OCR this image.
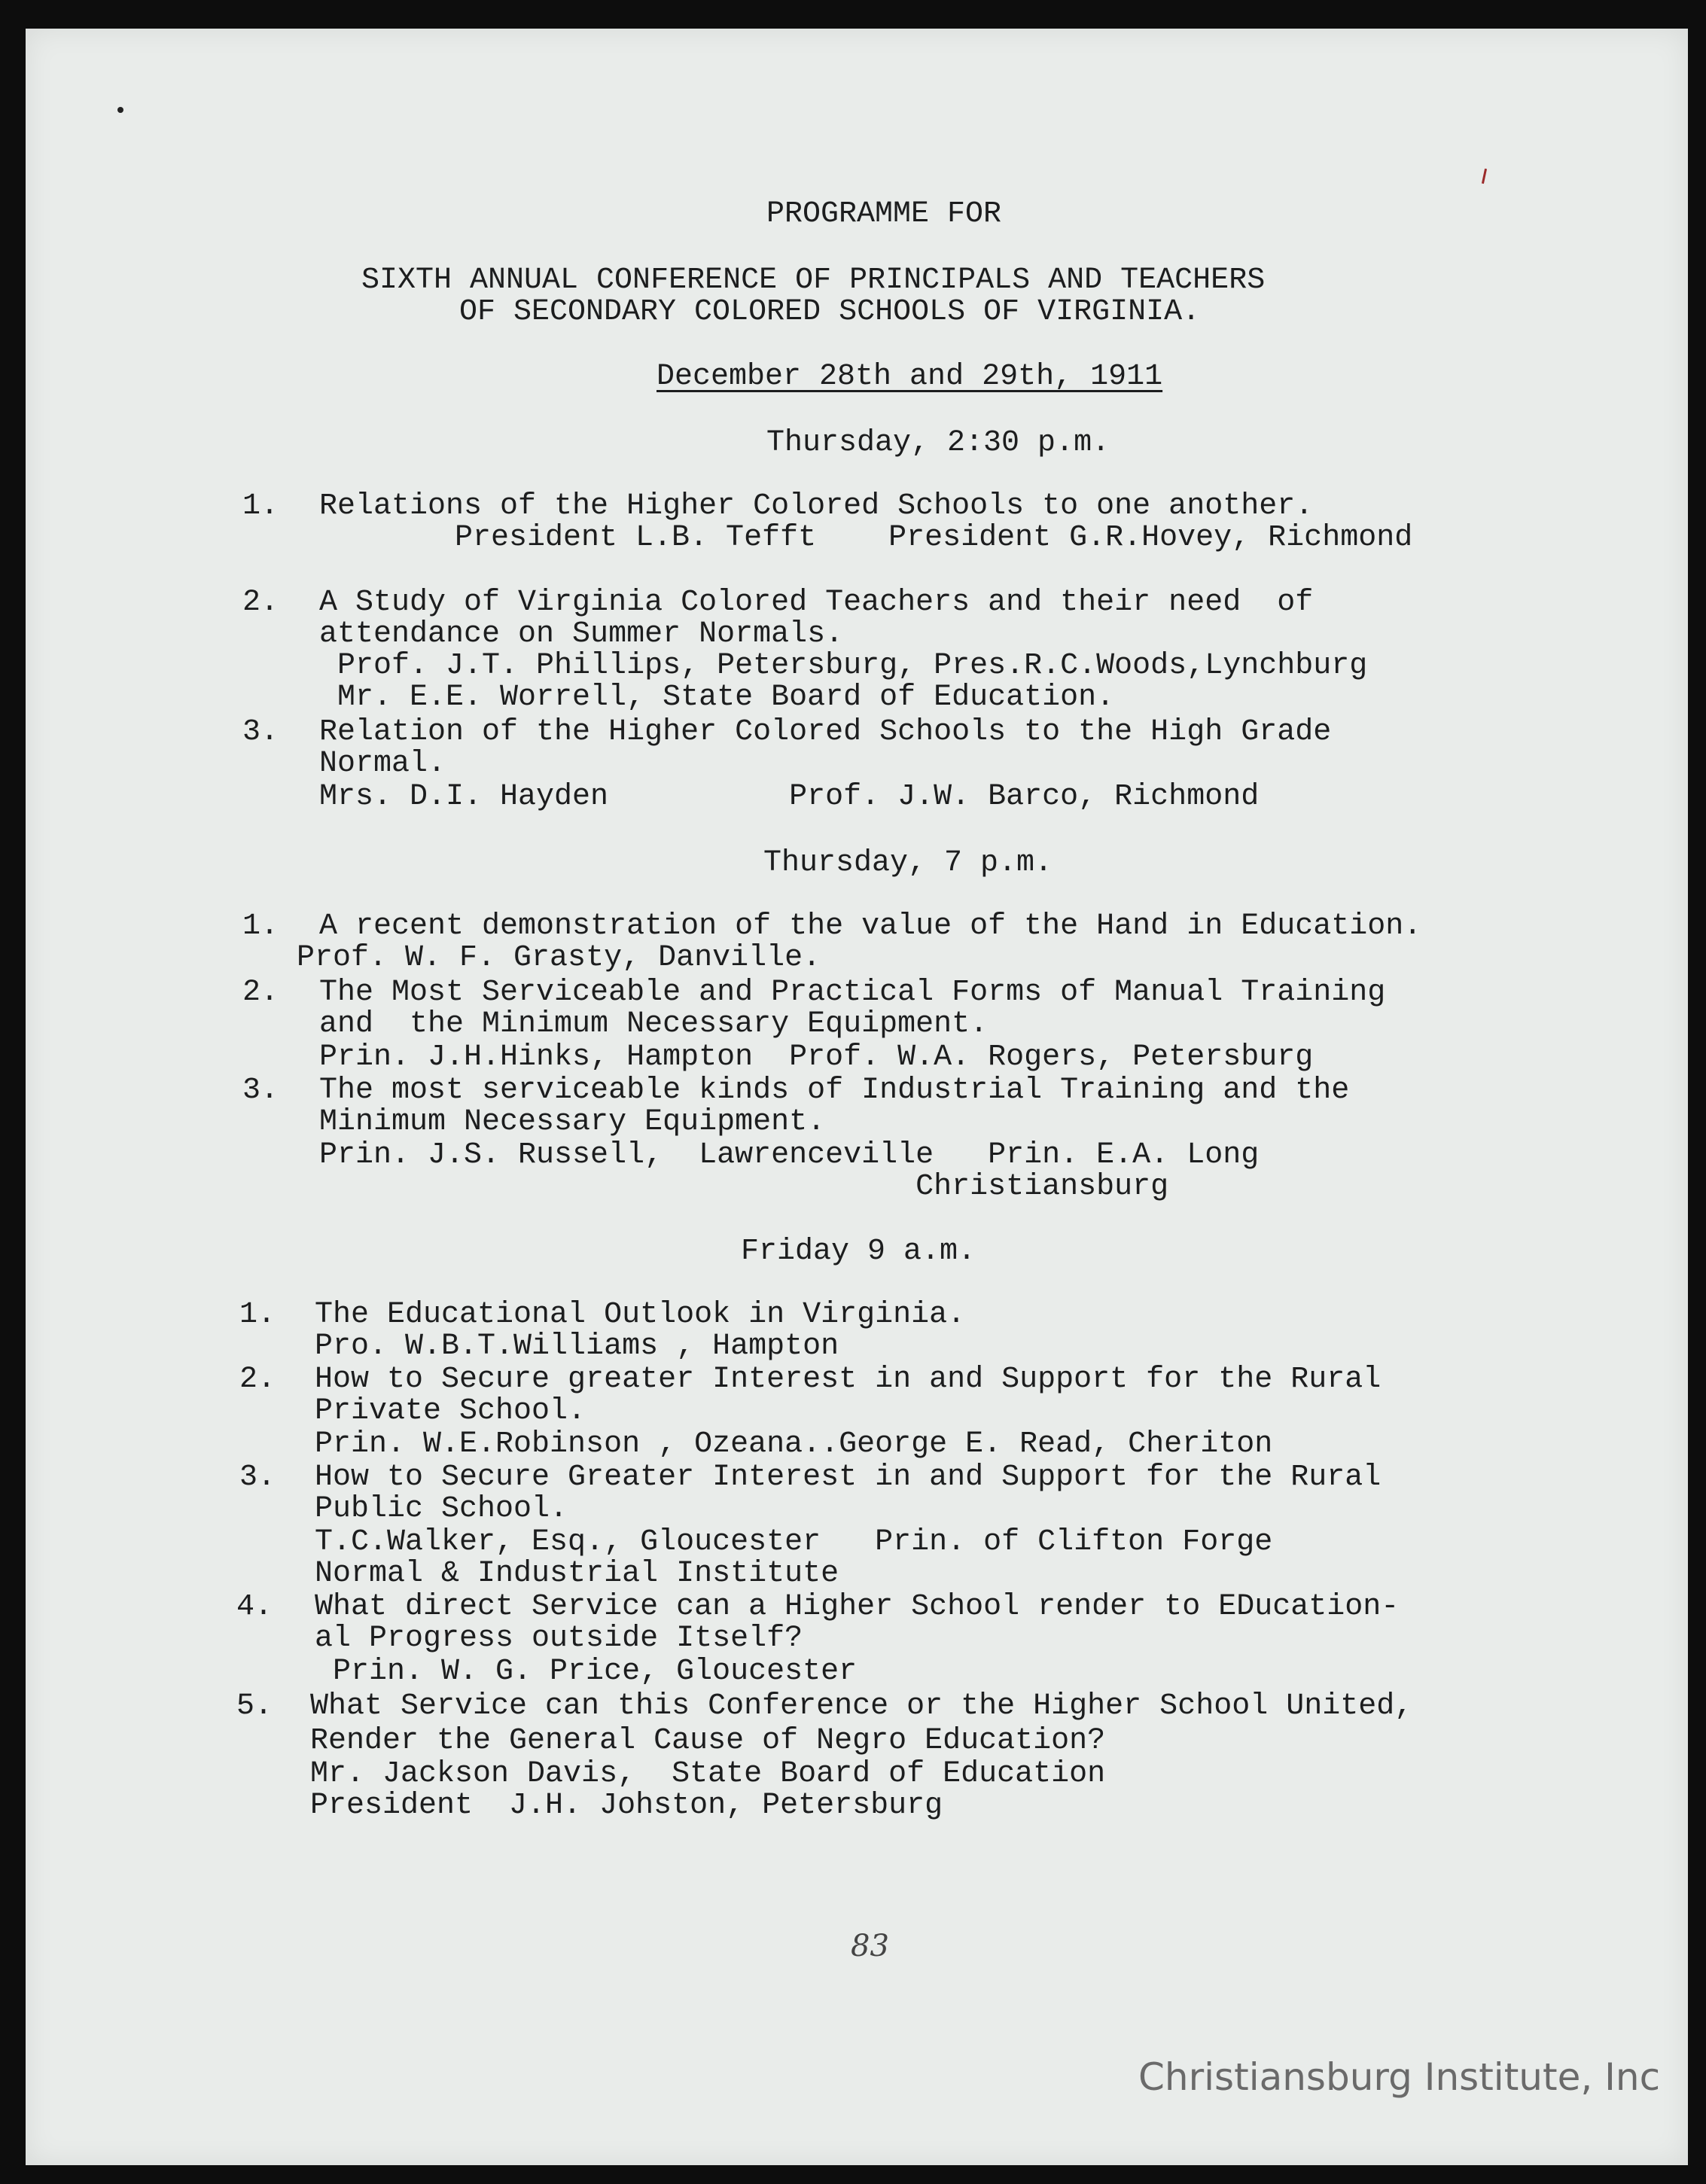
PROGRAMME FOR

SIXTH ANNUAL CONFERENCE OF PRINCIPALS AND TEACHERS

OF SECONDARY COLORED SCHOOLS OF VIRGINIA.

December 28th and 29th, 1911

Thursday, 2:30 p.m.

1. Relations of the Higher Colored Schools to one another.

President L.B. Tefft    President G.R.Hovey, Richmond

2. A Study of Virginia Colored Teachers and their need  of

attendance on Summer Normals.

Prof. J.T. Phillips, Petersburg, Pres.R.C.Woods,Lynchburg

Mr. E.E. Worrell, State Board of Education.

3. Relation of the Higher Colored Schools to the High Grade

Normal.

Mrs. D.I. Hayden          Prof. J.W. Barco, Richmond

Thursday, 7 p.m.

1. A recent demonstration of the value of the Hand in Education.

Prof. W. F. Grasty, Danville.

2. The Most Serviceable and Practical Forms of Manual Training

and  the Minimum Necessary Equipment.

Prin. J.H.Hinks, Hampton  Prof. W.A. Rogers, Petersburg

3. The most serviceable kinds of Industrial Training and the

Minimum Necessary Equipment.

Prin. J.S. Russell,  Lawrenceville   Prin. E.A. Long

Christiansburg

Friday 9 a.m.

1. The Educational Outlook in Virginia.

Pro. W.B.T.Williams , Hampton

2. How to Secure greater Interest in and Support for the Rural

Private School.

Prin. W.E.Robinson , Ozeana..George E. Read, Cheriton

3. How to Secure Greater Interest in and Support for the Rural

Public School.

T.C.Walker, Esq., Gloucester   Prin. of Clifton Forge

Normal & Industrial Institute

4. What direct Service can a Higher School render to EDucation-

al Progress outside Itself?

Prin. W. G. Price, Gloucester

5. What Service can this Conference or the Higher School United,

Render the General Cause of Negro Education?

Mr. Jackson Davis,  State Board of Education

President  J.H. Johston, Petersburg

83
Christiansburg Institute, Inc
